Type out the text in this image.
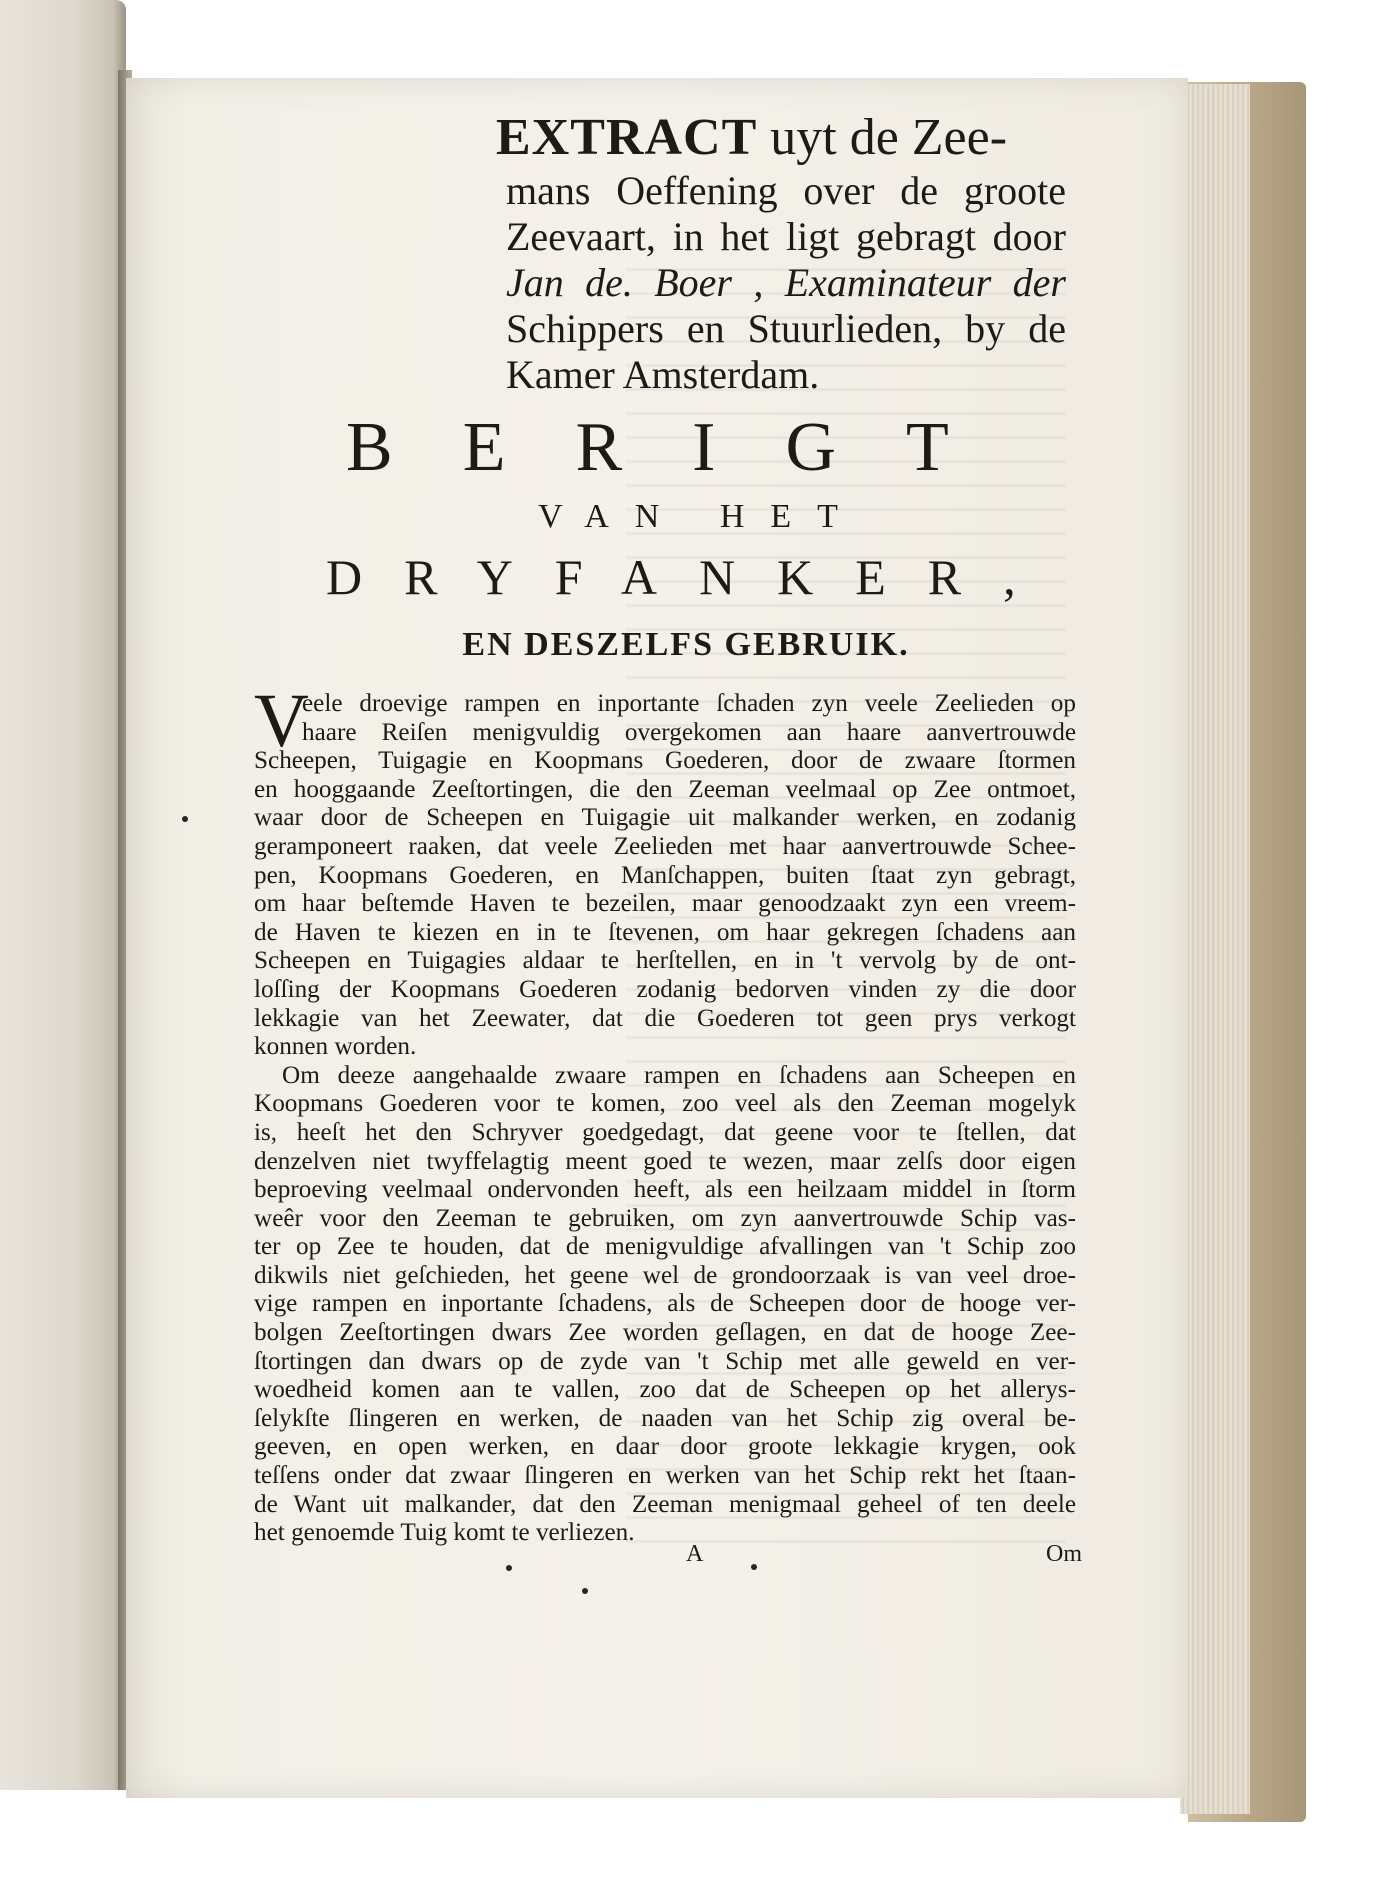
EXTRACT uyt de Zee-
mans Oeffening over de groote
Zeevaart, in het ligt gebragt door
Jan de. Boer , Examinateur der
Schippers en Stuurlieden, by de
Kamer Amsterdam.
BERIGT
VAN HET
DRYFANKER,
EN DESZELFS GEBRUIK.
V
eele droevige rampen en inportante ſchaden zyn veele Zeelieden op
haare Reiſen menigvuldig overgekomen aan haare aanvertrouwde
Scheepen, Tuigagie en Koopmans Goederen, door de zwaare ſtormen
en hooggaande Zeeſtortingen, die den Zeeman veelmaal op Zee ontmoet,
waar door de Scheepen en Tuigagie uit malkander werken, en zodanig
geramponeert raaken, dat veele Zeelieden met haar aanvertrouwde Schee-
pen, Koopmans Goederen, en Manſchappen, buiten ſtaat zyn gebragt,
om haar beſtemde Haven te bezeilen, maar genoodzaakt zyn een vreem-
de Haven te kiezen en in te ſtevenen, om haar gekregen ſchadens aan
Scheepen en Tuigagies aldaar te herſtellen, en in 't vervolg by de ont-
loſſing der Koopmans Goederen zodanig bedorven vinden zy die door
lekkagie van het Zeewater, dat die Goederen tot geen prys verkogt
konnen worden.
Om deeze aangehaalde zwaare rampen en ſchadens aan Scheepen en
Koopmans Goederen voor te komen, zoo veel als den Zeeman mogelyk
is, heeſt het den Schryver goedgedagt, dat geene voor te ſtellen, dat
denzelven niet twyffelagtig meent goed te wezen, maar zelſs door eigen
beproeving veelmaal ondervonden heeft, als een heilzaam middel in ſtorm
weêr voor den Zeeman te gebruiken, om zyn aanvertrouwde Schip vas-
ter op Zee te houden, dat de menigvuldige afvallingen van 't Schip zoo
dikwils niet geſchieden, het geene wel de grondoorzaak is van veel droe-
vige rampen en inportante ſchadens, als de Scheepen door de hooge ver-
bolgen Zeeſtortingen dwars Zee worden geſlagen, en dat de hooge Zee-
ſtortingen dan dwars op de zyde van 't Schip met alle geweld en ver-
woedheid komen aan te vallen, zoo dat de Scheepen op het allerys-
ſelykſte ſlingeren en werken, de naaden van het Schip zig overal be-
geeven, en open werken, en daar door groote lekkagie krygen, ook
teſſens onder dat zwaar ſlingeren en werken van het Schip rekt het ſtaan-
de Want uit malkander, dat den Zeeman menigmaal geheel of ten deele
het genoemde Tuig komt te verliezen.
A	Om
